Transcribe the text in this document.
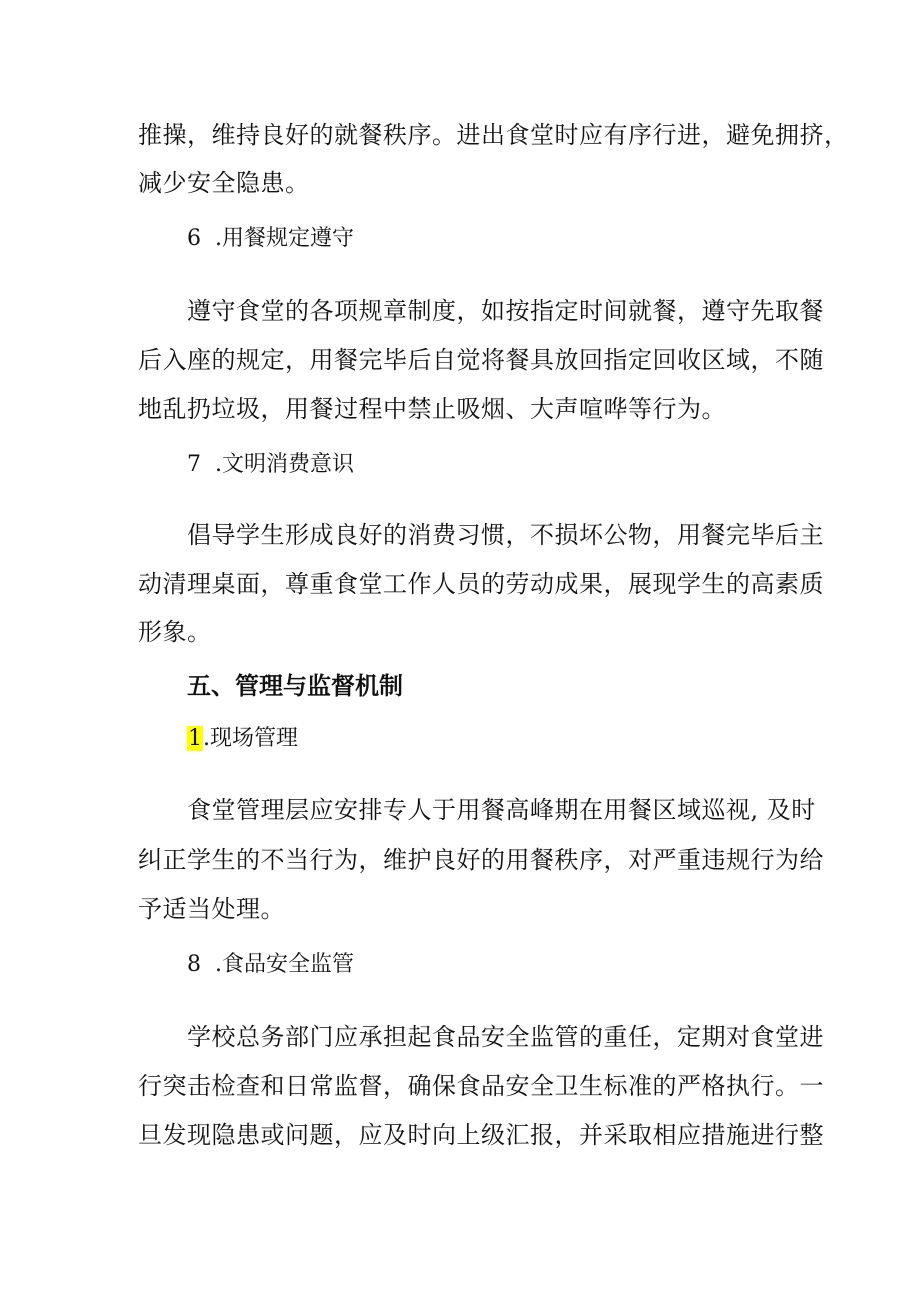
推操，维持良好的就餐秩序。进出食堂时应有序行进，避免拥挤，
减少安全隐患。
6 .用餐规定遵守
遵守食堂的各项规章制度，如按指定时间就餐，遵守先取餐
后入座的规定，用餐完毕后自觉将餐具放回指定回收区域，不随
地乱扔垃圾，用餐过程中禁止吸烟、大声喧哗等行为。
7 .文明消费意识
倡导学生形成良好的消费习惯，不损坏公物，用餐完毕后主
动清理桌面，尊重食堂工作人员的劳动成果，展现学生的高素质
形象。
五、管理与监督机制
1.现场管理
食堂管理层应安排专人于用餐高峰期在用餐区域巡视, 及时
纠正学生的不当行为，维护良好的用餐秩序，对严重违规行为给
予适当处理。
8 .食品安全监管
学校总务部门应承担起食品安全监管的重任，定期对食堂进
行突击检查和日常监督，确保食品安全卫生标准的严格执行。一
旦发现隐患或问题，应及时向上级汇报，并采取相应措施进行整
